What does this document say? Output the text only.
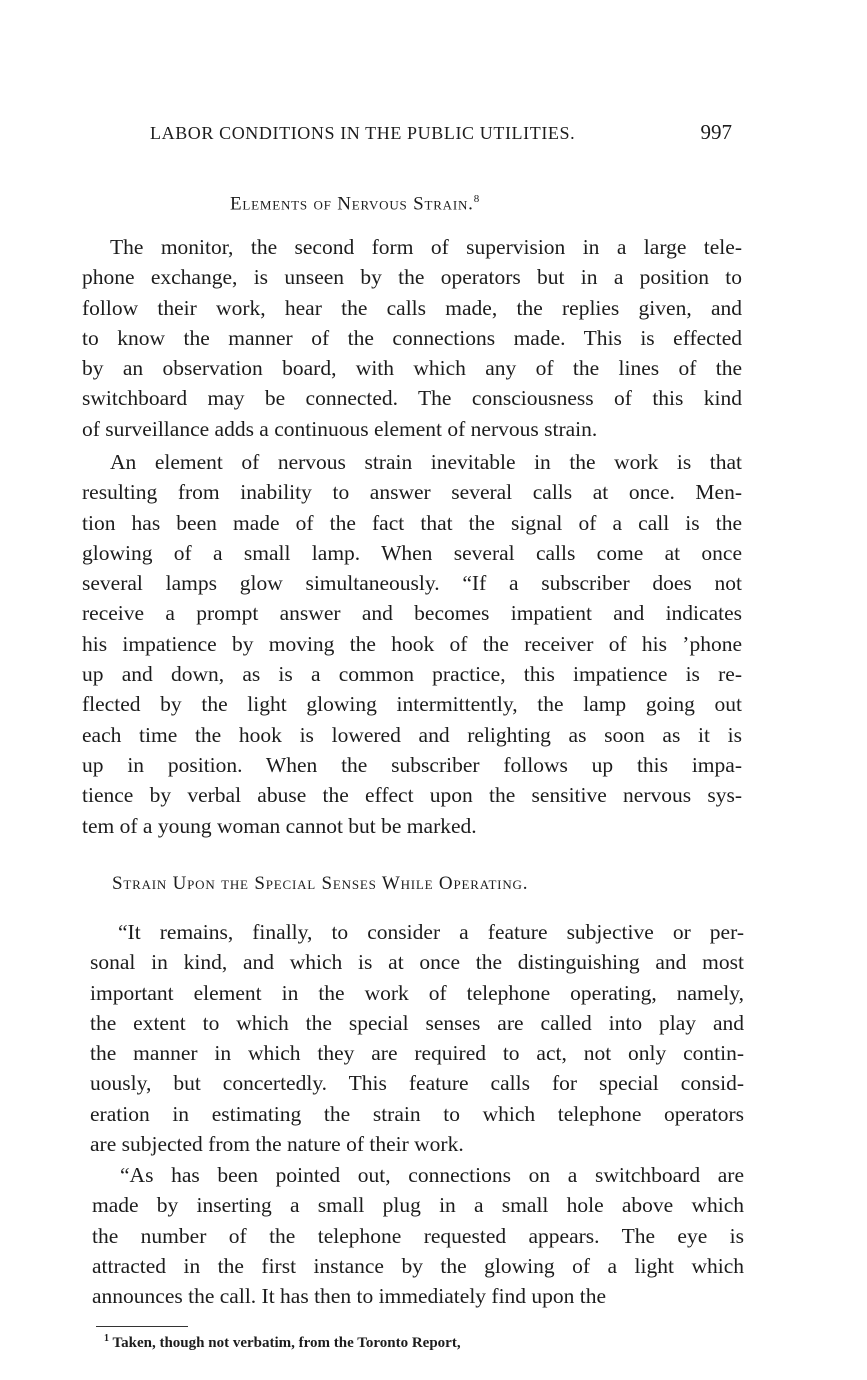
LABOR CONDITIONS IN THE PUBLIC UTILITIES.	997
Elements of Nervous Strain.$^8$

The monitor, the second form of supervision in a large tele-
phone exchange, is unseen by the operators but in a position to
follow their work, hear the calls made, the replies given, and
to know the manner of the connections made. This is effected
by an observation board, with which any of the lines of the
switchboard may be connected. The consciousness of this kind
of surveillance adds a continuous element of nervous strain.

An element of nervous strain inevitable in the work is that
resulting from inability to answer several calls at once. Men-
tion has been made of the fact that the signal of a call is the
glowing of a small lamp. When several calls come at once
several lamps glow simultaneously. “If a subscriber does not
receive a prompt answer and becomes impatient and indicates
his impatience by moving the hook of the receiver of his ’phone
up and down, as is a common practice, this impatience is re-
flected by the light glowing intermittently, the lamp going out
each time the hook is lowered and relighting as soon as it is
up in position. When the subscriber follows up this impa-
tience by verbal abuse the effect upon the sensitive nervous sys-
tem of a young woman cannot but be marked.

Strain Upon the Special Senses While Operating.

“It remains, finally, to consider a feature subjective or per-
sonal in kind, and which is at once the distinguishing and most
important element in the work of telephone operating, namely,
the extent to which the special senses are called into play and
the manner in which they are required to act, not only contin-
uously, but concertedly. This feature calls for special consid-
eration in estimating the strain to which telephone operators
are subjected from the nature of their work.

“As has been pointed out, connections on a switchboard are
made by inserting a small plug in a small hole above which
the number of the telephone requested appears. The eye is
attracted in the first instance by the glowing of a light which
announces the call. It has then to immediately find upon the

$^1$ Taken, though not verbatim, from the Toronto Report,
